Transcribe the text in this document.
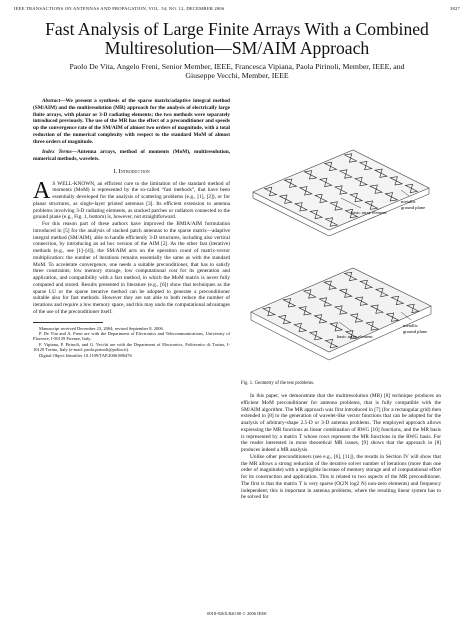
IEEE TRANSACTIONS ON ANTENNAS AND PROPAGATION, VOL. 54, NO. 12, DECEMBER 2006	3827
Fast Analysis of Large Finite Arrays With a Combined Multiresolution—SM/AIM Approach
Paolo De Vita, Angelo Freni, Senior Member, IEEE, Francesca Vipiana, Paola Pirinoli, Member, IEEE, and
Giuseppe Vecchi, Member, IEEE

Abstract—We present a synthesis of the sparse matrix/adaptive integral method (SM/AIM) and the multiresolution (MR) approach for the analysis of electrically large finite arrays, with planar or 3-D radiating elements; the two methods were separately introduced previously. The use of the MR has the effect of a preconditioner and speeds up the convergence rate of the SM/AIM of almost two orders of magnitude, with a total reduction of the numerical complexity with respect to the standard MoM of almost three orders of magnitude.

Index Terms—Antenna arrays, method of moments (MoM), multiresolution, numerical methods, wavelets.

I. Introduction

A S WELL-KNOWN, an efficient cure to the limitation of the standard method of moments (MoM) is represented by the so-called “fast methods”, that have been essentially developed for the analysis of scattering problems (e.g., [1], [2]), or for planar structures, as single-layer printed antennas [3]. Its efficient extension to antenna problems involving 3-D radiating elements, as stacked patches or radiators connected to the ground plane (e.g., Fig. 1, bottom) is, however, not straightforward.

For this reason part of these authors have improved the BMIA/AIM formulation introduced in [5] for the analysis of stacked patch antennas to the sparse matrix—adaptive integral method (SM/AIM), able to handle efficiently 3-D structures, including also vertical connection, by introducing an ad hoc version of the AIM [2]. As the other fast (iterative) methods (e.g., see [1]–[4]), the SM/AIM acts on the operation count of matrix-vector multiplication: the number of iterations remains essentially the same as with the standard MoM. To accelerate convergence, one needs a suitable preconditioner, that has to satisfy three constraints; low memory storage, low computational cost for its generation and application, and compatibility with a fast method, in which the MoM matrix is never fully computed and stored. Results presented in literature (e.g., [6]) show that techniques as the sparse LU or the sparse iterative method can be adopted to generate a preconditioner suitable also for fast methods. However they are not able to both reduce the number of iterations and require a low memory space, and this may undo the computational advantages of the use of the preconditioner itself.

Manuscript received December 23, 2004; revised September 8, 2006.

P. De Vita and A. Freni are with the Department of Electronics and Telecommunications, University of Florence, I-50139 Firenze, Italy.

F. Vipiana, P. Pirinoli, and G. Vecchi are with the Department of Electronics, Politecnico di Torino, I-10129 Torino, Italy (e-mail: paola.pirinoli@polito.it).

Digital Object Identifier 10.1109/TAP.2006.886476

basic array element
metallic
ground plane
basic array element
metallic
ground plane
Fig. 1. Geometry of the test problems.

In this paper, we demonstrate that the multiresolution (MR) [8] technique produces an efficient MoM preconditioner for antenna problems, that is fully compatible with the SM/AIM algorithm. The MR approach was first introduced in [7] (for a rectangular grid) then extended in [8] to the generation of wavelet-like vector functions that can be adopted for the analysis of arbitrary-shape 2.5-D or 3-D antenna problems. The employed approach allows expressing the MR functions as linear combination of RWG [10] functions, and the MR basis is represented by a matrix T whose rows represent the MR functions in the RWG basis. For the reader interested in more theoretical MR issues, [9] shows that the approach in [8] produces indeed a MR analysis.

Unlike other preconditioners (see e.g., [6], [11]), the results in Section IV will show that the MR allows a strong reduction of the iterative solver number of iterations (more than one order of magnitude) with a negligible increase of memory storage and of computational effort for its construction and application. This is related to two aspects of the MR preconditioner. The first is that the matrix T is very sparse (O(2N log2 N) non-zero elements) and frequency independent; this is important in antenna problems, where the resulting linear system has to be solved for

0018-926X/$20.00 © 2006 IEEE
